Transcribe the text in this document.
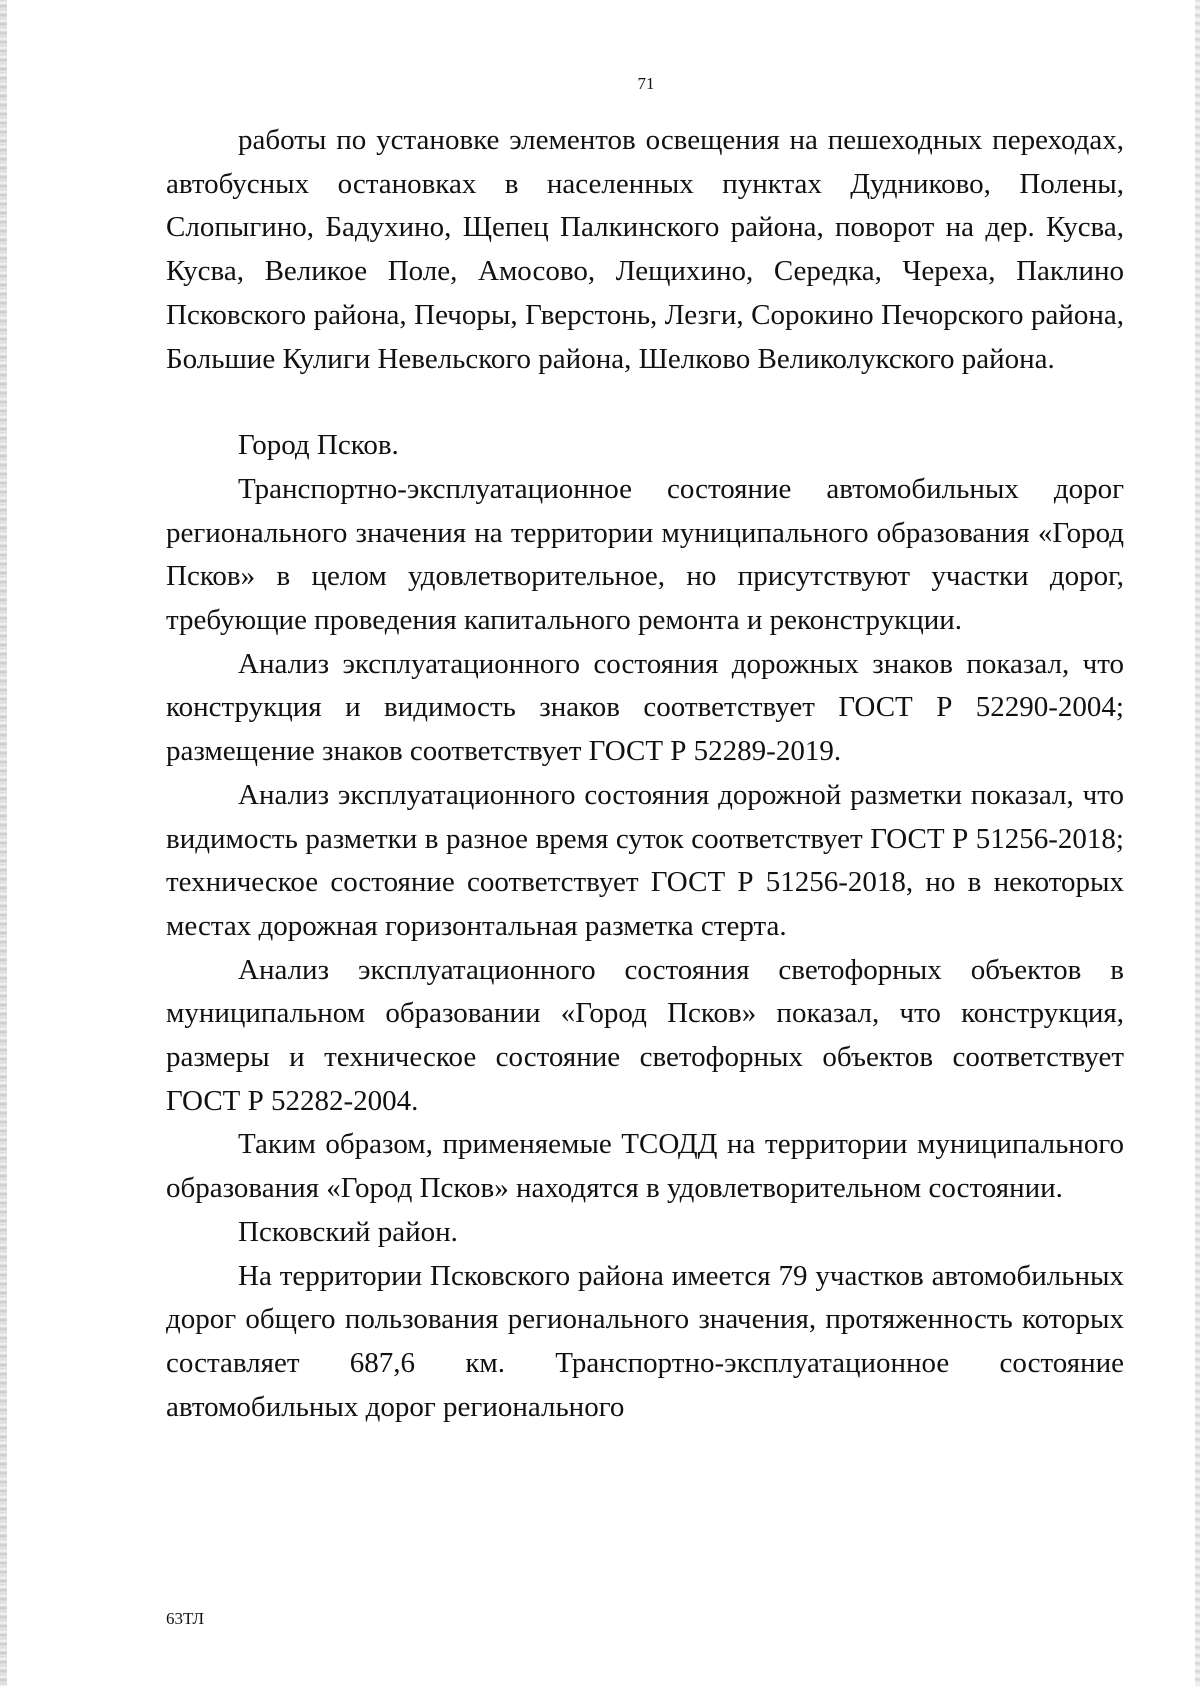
71

работы по установке элементов освещения на пешеходных переходах, автобусных остановках в населенных пунктах Дудниково, Полены, Слопыгино, Бадухино, Щепец Палкинского района, поворот на дер. Кусва, Кусва, Великое Поле, Амосово, Лещихино, Середка, Череха, Паклино Псковского района, Печоры, Гверстонь, Лезги, Сорокино Печорского района, Большие Кулиги Невельского района, Шелково Великолукского района.

Город Псков.

Транспортно-эксплуатационное состояние автомобильных дорог регионального значения на территории муниципального образования «Город Псков» в целом удовлетворительное, но присутствуют участки дорог, требующие проведения капитального ремонта и реконструкции.

Анализ эксплуатационного состояния дорожных знаков показал, что конструкция и видимость знаков соответствует ГОСТ Р 52290-2004; размещение знаков соответствует ГОСТ Р 52289-2019.

Анализ эксплуатационного состояния дорожной разметки показал, что видимость разметки в разное время суток соответствует ГОСТ Р 51256-2018; техническое состояние соответствует ГОСТ Р 51256-2018, но в некоторых местах дорожная горизонтальная разметка стерта.

Анализ эксплуатационного состояния светофорных объектов в муниципальном образовании «Город Псков» показал, что конструкция, размеры и техническое состояние светофорных объектов соответствует ГОСТ Р 52282-2004.

Таким образом, применяемые ТСОДД на территории муниципального образования «Город Псков» находятся в удовлетворительном состоянии.

Псковский район.

На территории Псковского района имеется 79 участков автомобильных дорог общего пользования регионального значения, протяженность которых составляет 687,6 км. Транспортно-эксплуатационное состояние автомобильных дорог регионального

63ТЛ
